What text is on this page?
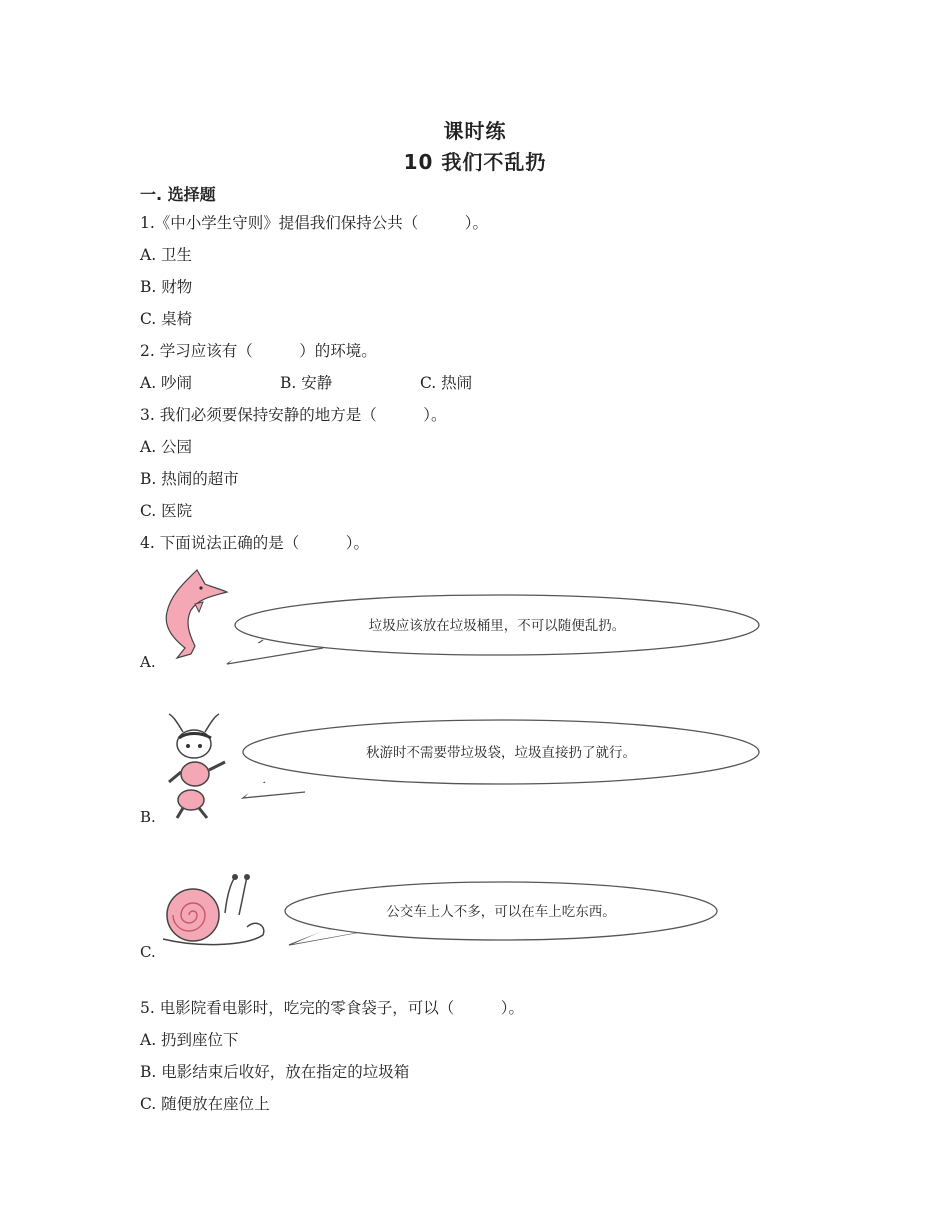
课时练
10 我们不乱扔
一. 选择题
1.《中小学生守则》提倡我们保持公共（　　　）。
A. 卫生
B. 财物
C. 桌椅
2. 学习应该有（　　　）的环境。
A. 吵闹	B. 安静	C. 热闹
3. 我们必须要保持安静的地方是（　　　）。
A. 公园
B. 热闹的超市
C. 医院
4. 下面说法正确的是（　　　）。
垃圾应该放在垃圾桶里，不可以随便乱扔。
A.
秋游时不需要带垃圾袋，垃圾直接扔了就行。
B.
公交车上人不多，可以在车上吃东西。
C.
5. 电影院看电影时，吃完的零食袋子，可以（　　　）。
A. 扔到座位下
B. 电影结束后收好，放在指定的垃圾箱
C. 随便放在座位上
